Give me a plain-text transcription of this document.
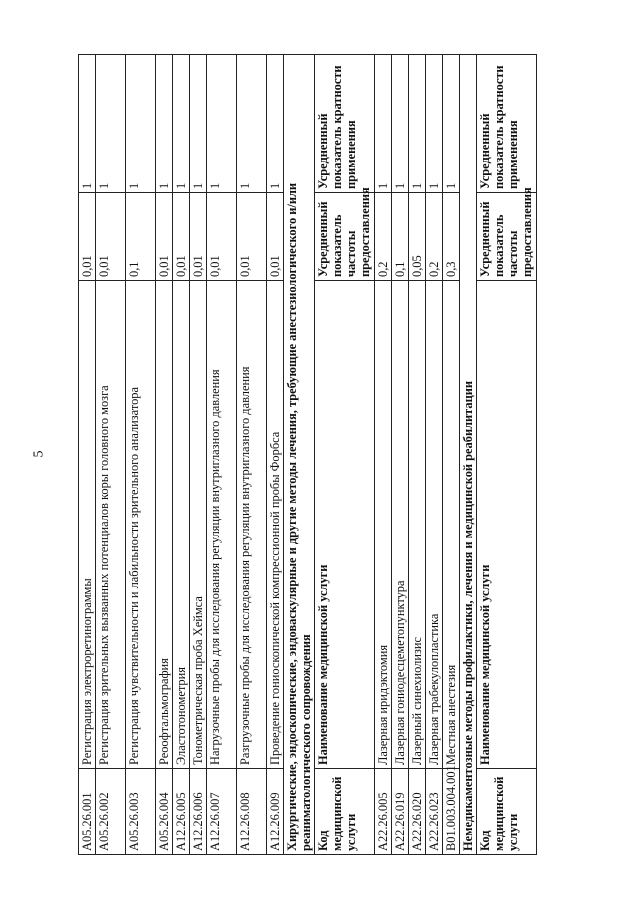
5
A05.26.001	Регистрация электроретинограммы	0,01	1
A05.26.002	Регистрация зрительных вызванных потенциалов коры головного мозга	0,01	1
A05.26.003	Регистрация чувствительности и лабильности зрительного анализатора	0,1	1
A05.26.004	Реоофтальмография	0,01	1
A12.26.005	Эластотонометрия	0,01	1
A12.26.006	Тонометрическая проба Хеймса	0,01	1
A12.26.007	Нагрузочные пробы для исследования регуляции внутриглазного давления	0,01	1
A12.26.008	Разгрузочные пробы для исследования регуляции внутриглазного давления	0,01	1
A12.26.009	Проведение гониоскопической компрессионной пробы Форбса	0,01	1
Хирургические, эндоскопические, эндоваскулярные и другие методы лечения, требующие анестезиологического и/или реаниматологического сопровождения			
Код медицинской услуги	Наименование медицинской услуги	Усредненный показатель частоты предоставления	Усредненный показатель кратности применения
A22.26.005	Лазерная иридэктомия	0,2	1
A22.26.019	Лазерная гониодесцеметопунктура	0,1	1
A22.26.020	Лазерный синехиолизис	0,05	1
A22.26.023	Лазерная трабекулопластика	0,2	1
B01.003.004.001	Местная анестезия	0,3	1
Немедикаментозные методы профилактики, лечения и медицинской реабилитации			
Код медицинской услуги	Наименование медицинской услуги	Усредненный показатель частоты предоставления	Усредненный показатель кратности применения
